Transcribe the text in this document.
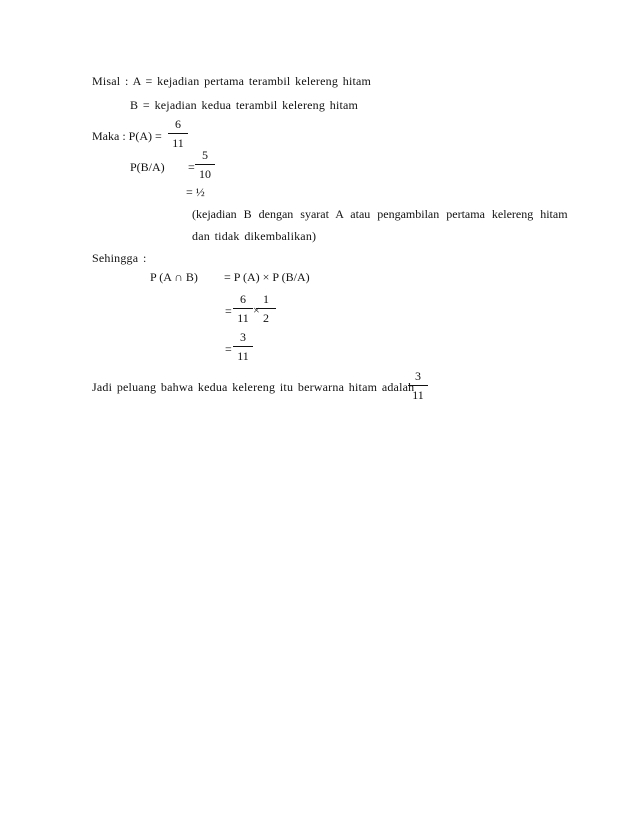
Misal : A = kejadian pertama terambil kelereng hitam
B = kejadian kedua terambil kelereng hitam
Maka : P(A) =
6
11
P(B/A) =
5
10
= ½
(kejadian B dengan syarat A atau pengambilan pertama kelereng hitam
dan tidak dikembalikan)
Sehingga :
P (A ∩ B) = P (A) × P (B/A)
=
6
11
×
1
2
=
3
11
Jadi peluang bahwa kedua kelereng itu berwarna hitam adalah
3
11
